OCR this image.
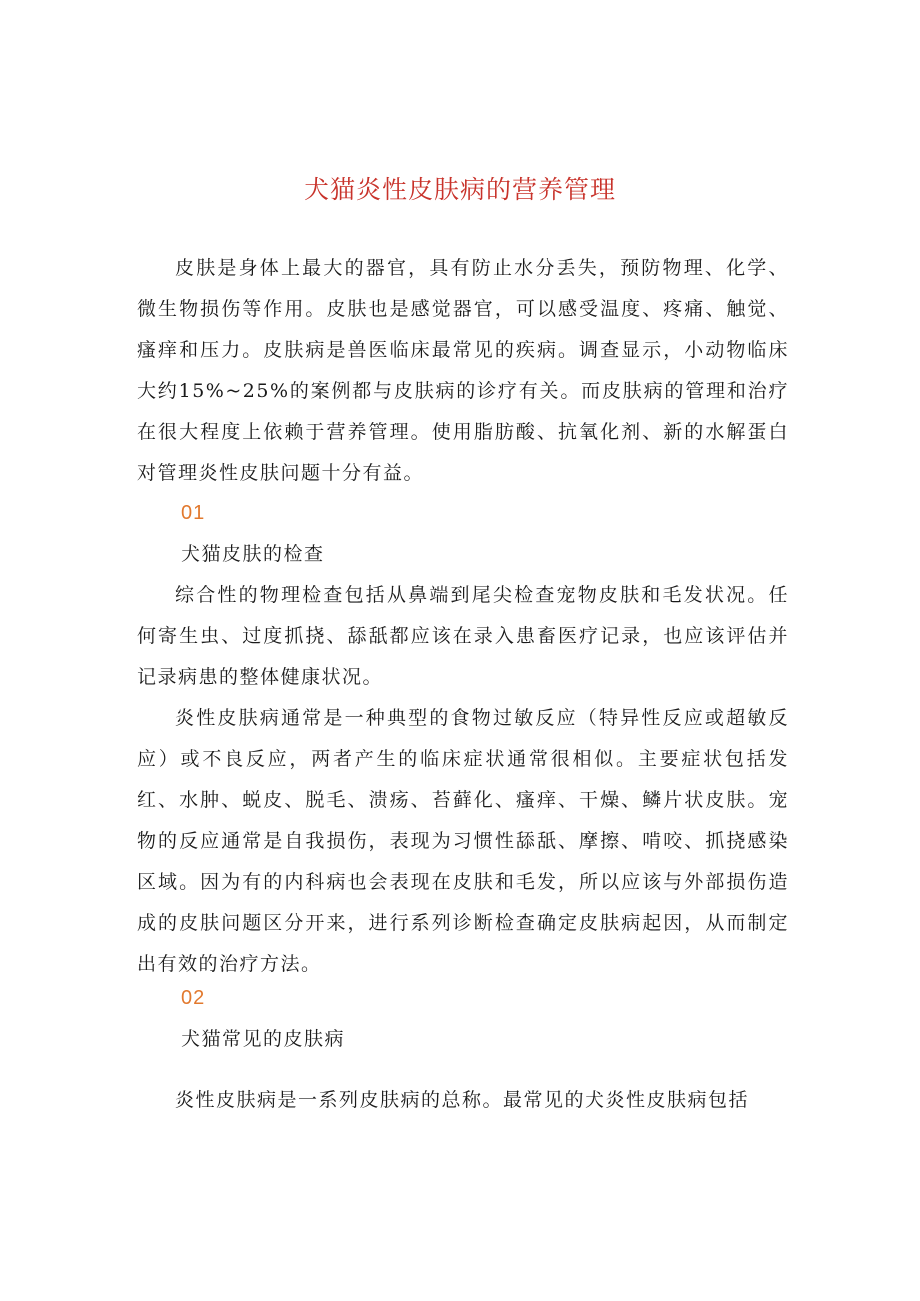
犬猫炎性皮肤病的营养管理

皮肤是身体上最大的器官，具有防止水分丢失，预防物理、化学、微生物损伤等作用。皮肤也是感觉器官，可以感受温度、疼痛、触觉、瘙痒和压力。皮肤病是兽医临床最常见的疾病。调查显示，小动物临床大约15%~25%的案例都与皮肤病的诊疗有关。而皮肤病的管理和治疗在很大程度上依赖于营养管理。使用脂肪酸、抗氧化剂、新的水解蛋白对管理炎性皮肤问题十分有益。

01
犬猫皮肤的检查

综合性的物理检查包括从鼻端到尾尖检查宠物皮肤和毛发状况。任何寄生虫、过度抓挠、舔舐都应该在录入患畜医疗记录，也应该评估并记录病患的整体健康状况。

炎性皮肤病通常是一种典型的食物过敏反应（特异性反应或超敏反应）或不良反应，两者产生的临床症状通常很相似。主要症状包括发红、水肿、蜕皮、脱毛、溃疡、苔藓化、瘙痒、干燥、鳞片状皮肤。宠物的反应通常是自我损伤，表现为习惯性舔舐、摩擦、啃咬、抓挠感染区域。因为有的内科病也会表现在皮肤和毛发，所以应该与外部损伤造成的皮肤问题区分开来，进行系列诊断检查确定皮肤病起因，从而制定出有效的治疗方法。

02
犬猫常见的皮肤病

炎性皮肤病是一系列皮肤病的总称。最常见的犬炎性皮肤病包括
